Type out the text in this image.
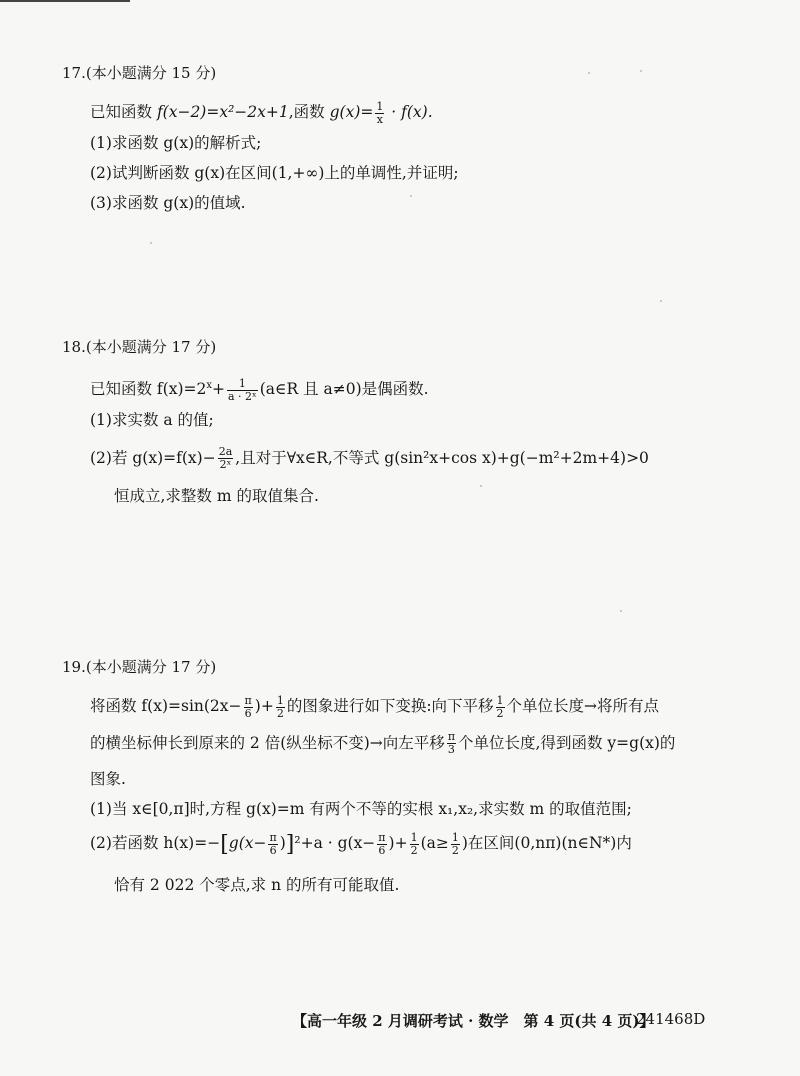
17.(本小题满分 15 分)
已知函数 f(x−2)=x²−2x+1,函数 $g(x)= \frac{1}{x} \cdot f(x)$.
(1)求函数 g(x)的解析式;
(2)试判断函数 g(x)在区间(1,+∞)上的单调性,并证明;
(3)求函数 g(x)的值域.
18.(本小题满分 17 分)
已知函数 $f(x)=2^x+ \frac{1}{\text{a · 2ˣ}}$ (a∈R 且 a≠0)是偶函数.
(1)求实数 a 的值;
(2)若 $g(x)=f(x)- \frac{2a}{\text{2ˣ}}$ ,且对于∀x∈R,不等式 g(sin²x+cos x)+g(−m²+2m+4)>0
恒成立,求整数 m 的取值集合.
19.(本小题满分 17 分)
将函数 $f(x)=\sin(2x- \frac{\pi}{6}$ )+ $\frac{1}{2}$ 的图象进行如下变换:向下平移 $\frac{1}{2}$ 个单位长度→将所有点
的横坐标伸长到原来的 2 倍(纵坐标不变)→向左平移 $\frac{\pi}{3}$ 个单位长度,得到函数 y=g(x)的
图象.
(1)当 x∈[0,π]时,方程 g(x)=m 有两个不等的实根 x₁,x₂,求实数 m 的取值范围;
(2)若函数 $h(x)=-[g(x- \frac{\pi}{6} )]^2+a \cdot g(x- \frac{\pi}{6}$ )+ $\frac{1}{2} (a\ge \frac{1}{2}$ )在区间(0,nπ)(n∈N*)内
恰有 2 022 个零点,求 n 的所有可能取值.
【高一年级 2 月调研考试 · 数学　第 4 页(共 4 页)】
241468D
